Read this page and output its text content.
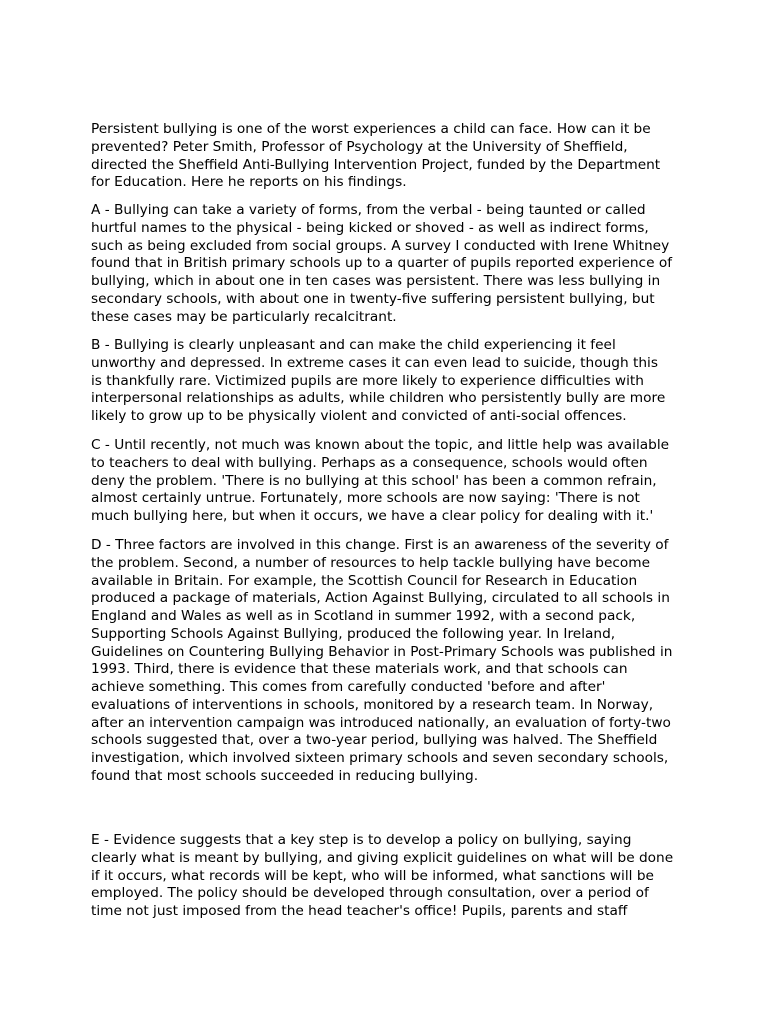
Persistent bullying is one of the worst experiences a child can face. How can it be
prevented? Peter Smith, Professor of Psychology at the University of Sheffield,
directed the Sheffield Anti-Bullying Intervention Project, funded by the Department
for Education. Here he reports on his findings.

A - Bullying can take a variety of forms, from the verbal - being taunted or called
hurtful names to the physical - being kicked or shoved - as well as indirect forms,
such as being excluded from social groups. A survey I conducted with Irene Whitney
found that in British primary schools up to a quarter of pupils reported experience of
bullying, which in about one in ten cases was persistent. There was less bullying in
secondary schools, with about one in twenty-five suffering persistent bullying, but
these cases may be particularly recalcitrant.

B - Bullying is clearly unpleasant and can make the child experiencing it feel
unworthy and depressed. In extreme cases it can even lead to suicide, though this
is thankfully rare. Victimized pupils are more likely to experience difficulties with
interpersonal relationships as adults, while children who persistently bully are more
likely to grow up to be physically violent and convicted of anti-social offences.

C - Until recently, not much was known about the topic, and little help was available
to teachers to deal with bullying. Perhaps as a consequence, schools would often
deny the problem. 'There is no bullying at this school' has been a common refrain,
almost certainly untrue. Fortunately, more schools are now saying: 'There is not
much bullying here, but when it occurs, we have a clear policy for dealing with it.'

D - Three factors are involved in this change. First is an awareness of the severity of
the problem. Second, a number of resources to help tackle bullying have become
available in Britain. For example, the Scottish Council for Research in Education
produced a package of materials, Action Against Bullying, circulated to all schools in
England and Wales as well as in Scotland in summer 1992, with a second pack,
Supporting Schools Against Bullying, produced the following year. In Ireland,
Guidelines on Countering Bullying Behavior in Post-Primary Schools was published in
1993. Third, there is evidence that these materials work, and that schools can
achieve something. This comes from carefully conducted 'before and after'
evaluations of interventions in schools, monitored by a research team. In Norway,
after an intervention campaign was introduced nationally, an evaluation of forty-two
schools suggested that, over a two-year period, bullying was halved. The Sheffield
investigation, which involved sixteen primary schools and seven secondary schools,
found that most schools succeeded in reducing bullying.

E - Evidence suggests that a key step is to develop a policy on bullying, saying
clearly what is meant by bullying, and giving explicit guidelines on what will be done
if it occurs, what records will be kept, who will be informed, what sanctions will be
employed. The policy should be developed through consultation, over a period of
time not just imposed from the head teacher's office! Pupils, parents and staff
